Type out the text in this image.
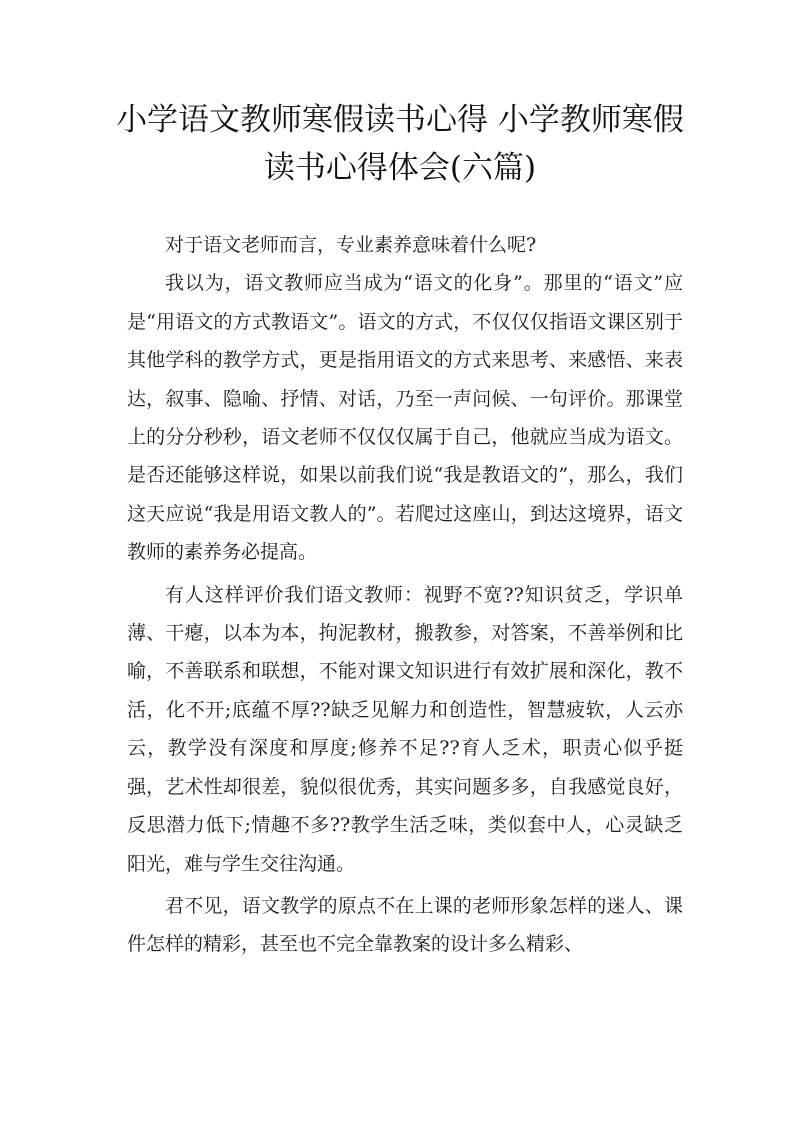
小学语文教师寒假读书心得 小学教师寒假
读书心得体会(六篇)

对于语文老师而言，专业素养意味着什么呢?

我以为，语文教师应当成为“语文的化身”。那里的“语文”应是“用语文的方式教语文”。语文的方式，不仅仅仅指语文课区别于其他学科的教学方式，更是指用语文的方式来思考、来感悟、来表达，叙事、隐喻、抒情、对话，乃至一声问候、一句评价。那课堂上的分分秒秒，语文老师不仅仅仅属于自己，他就应当成为语文。是否还能够这样说，如果以前我们说“我是教语文的”，那么，我们这天应说“我是用语文教人的”。若爬过这座山，到达这境界，语文教师的素养务必提高。

有人这样评价我们语文教师：视野不宽??知识贫乏，学识单薄、干瘪，以本为本，拘泥教材，搬教参，对答案，不善举例和比喻，不善联系和联想，不能对课文知识进行有效扩展和深化，教不活，化不开;底蕴不厚??缺乏见解力和创造性，智慧疲软，人云亦云，教学没有深度和厚度;修养不足??育人乏术，职责心似乎挺强，艺术性却很差，貌似很优秀，其实问题多多，自我感觉良好，反思潜力低下;情趣不多??教学生活乏味，类似套中人，心灵缺乏阳光，难与学生交往沟通。

君不见，语文教学的原点不在上课的老师形象怎样的迷人、课件怎样的精彩，甚至也不完全靠教案的设计多么精彩、
